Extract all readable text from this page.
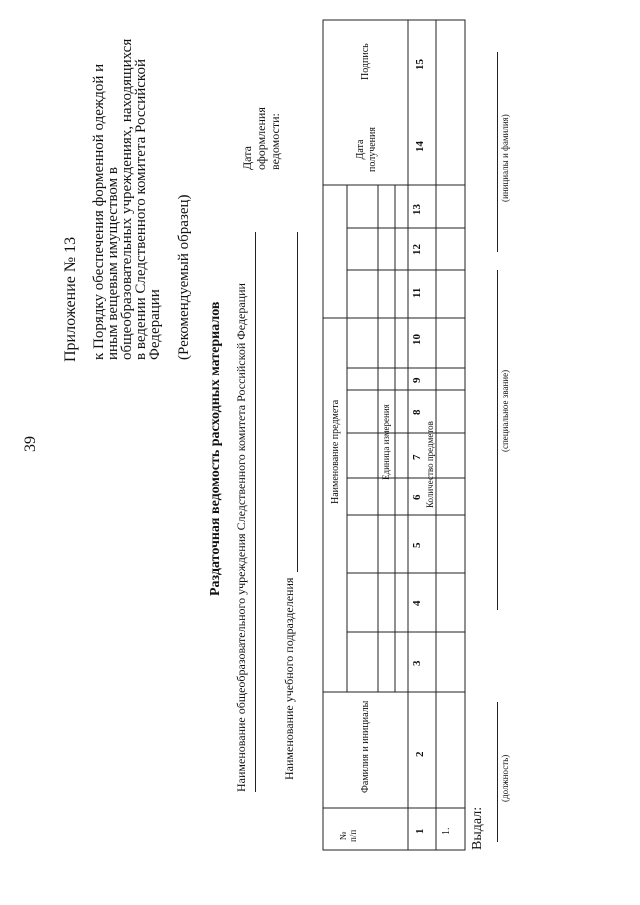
39
Приложение № 13 к Порядку обеспечения форменной одеждой и
иным вещевым имуществом в
общеобразовательных учреждениях, находящихся
в ведении Следственного комитета Российской
Федерации (Рекомендуемый образец)
Раздаточная ведомость расходных материалов Наименование общеобразовательного учреждения Следственного комитета Российской Федерации
Дата оформления ведомости:
Наименование учебного подразделения
№ п/п
Фамилия и инициалы
Наименование предмета	Единица измерения
Дата получения
Подпись
1
2
3
4
5
6
7
8
9
10
11
12
13
14
15
Количество предметов
1. Выдал:
(должность)
(специальное звание)
(инициалы и фамилия)
